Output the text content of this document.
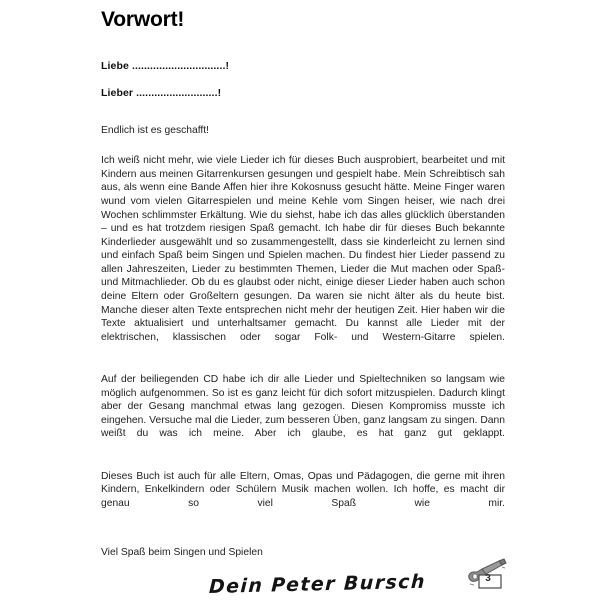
Vorwort!
Liebe ...............................!
Lieber ...........................!

Endlich ist es geschafft!

Ich weiß nicht mehr, wie viele Lieder ich für dieses Buch ausprobiert, bearbeitet und mit Kindern aus meinen Gitarrenkursen gesungen und gespielt habe. Mein Schreibtisch sah aus, als wenn eine Bande Affen hier ihre Kokosnuss gesucht hätte. Meine Finger waren wund vom vielen Gitarrespielen und meine Kehle vom Singen heiser, wie nach drei Wochen schlimmster Erkältung. Wie du siehst, habe ich das alles glücklich überstanden – und es hat trotzdem riesigen Spaß gemacht. Ich habe dir für dieses Buch bekannte Kinderlieder ausgewählt und so zusammengestellt, dass sie kinderleicht zu lernen sind und einfach Spaß beim Singen und Spielen machen. Du findest hier Lieder passend zu allen Jahreszeiten, Lieder zu bestimmten Themen, Lieder die Mut machen oder Spaß- und Mitmachlieder. Ob du es glaubst oder nicht, einige dieser Lieder haben auch schon deine Eltern oder Großeltern gesungen. Da waren sie nicht älter als du heute bist. Manche dieser alten Texte entsprechen nicht mehr der heutigen Zeit. Hier haben wir die Texte aktualisiert und unterhaltsamer gemacht. Du kannst alle Lieder mit der elektrischen, klassischen oder sogar Folk- und Western-Gitarre spielen.

Auf der beiliegenden CD habe ich dir alle Lieder und Spieltechniken so langsam wie möglich aufgenommen. So ist es ganz leicht für dich sofort mitzuspielen. Dadurch klingt aber der Gesang manchmal etwas lang gezogen. Diesen Kompromiss musste ich eingehen. Versuche mal die Lieder, zum besseren Üben, ganz langsam zu singen. Dann weißt du was ich meine. Aber ich glaube, es hat ganz gut geklappt.

Dieses Buch ist auch für alle Eltern, Omas, Opas und Pädagogen, die gerne mit ihren Kindern, Enkelkindern oder Schülern Musik machen wollen. Ich hoffe, es macht dir genau so viel Spaß wie mir.

Viel Spaß beim Singen und Spielen

Dein Peter Bursch	3
